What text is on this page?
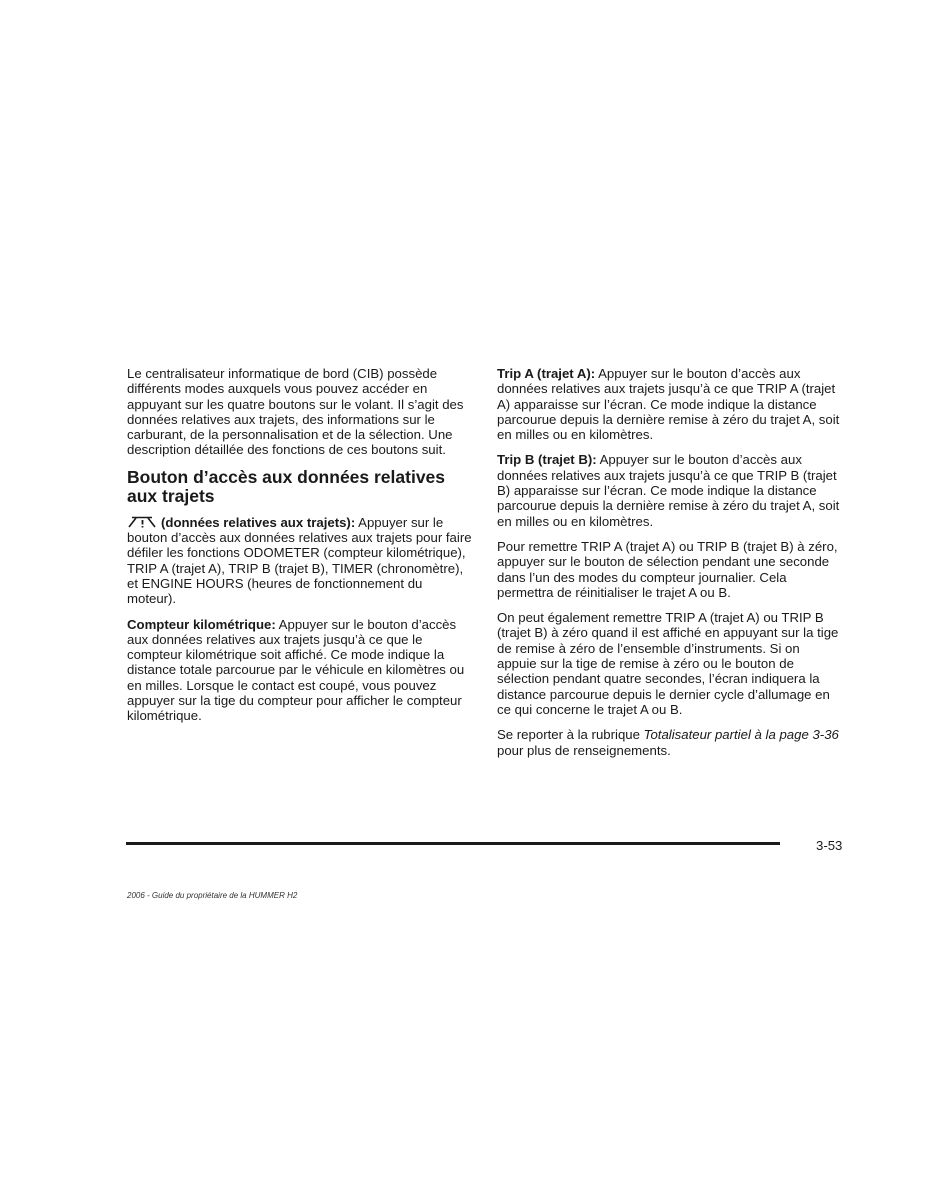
Le centralisateur informatique de bord (CIB) possède différents modes auxquels vous pouvez accéder en appuyant sur les quatre boutons sur le volant. Il s’agit des données relatives aux trajets, des informations sur le carburant, de la personnalisation et de la sélection. Une description détaillée des fonctions de ces boutons suit.

Bouton d’accès aux données relatives aux trajets

(données relatives aux trajets): Appuyer sur le bouton d’accès aux données relatives aux trajets pour faire défiler les fonctions ODOMETER (compteur kilométrique), TRIP A (trajet A), TRIP B (trajet B), TIMER (chronomètre), et ENGINE HOURS (heures de fonctionnement du moteur).

Compteur kilométrique: Appuyer sur le bouton d’accès aux données relatives aux trajets jusqu’à ce que le compteur kilométrique soit affiché. Ce mode indique la distance totale parcourue par le véhicule en kilomètres ou en milles. Lorsque le contact est coupé, vous pouvez appuyer sur la tige du compteur pour afficher le compteur kilométrique.

Trip A (trajet A): Appuyer sur le bouton d’accès aux données relatives aux trajets jusqu’à ce que TRIP A (trajet A) apparaisse sur l’écran. Ce mode indique la distance parcourue depuis la dernière remise à zéro du trajet A, soit en milles ou en kilomètres.

Trip B (trajet B): Appuyer sur le bouton d’accès aux données relatives aux trajets jusqu’à ce que TRIP B (trajet B) apparaisse sur l’écran. Ce mode indique la distance parcourue depuis la dernière remise à zéro du trajet A, soit en milles ou en kilomètres.

Pour remettre TRIP A (trajet A) ou TRIP B (trajet B) à zéro, appuyer sur le bouton de sélection pendant une seconde dans l’un des modes du compteur journalier. Cela permettra de réinitialiser le trajet A ou B.

On peut également remettre TRIP A (trajet A) ou TRIP B (trajet B) à zéro quand il est affiché en appuyant sur la tige de remise à zéro de l’ensemble d’instruments. Si on appuie sur la tige de remise à zéro ou le bouton de sélection pendant quatre secondes, l’écran indiquera la distance parcourue depuis le dernier cycle d’allumage en ce qui concerne le trajet A ou B.

Se reporter à la rubrique Totalisateur partiel à la page 3-36 pour plus de renseignements.

3-53
2006 - Guide du propriétaire de la HUMMER H2
